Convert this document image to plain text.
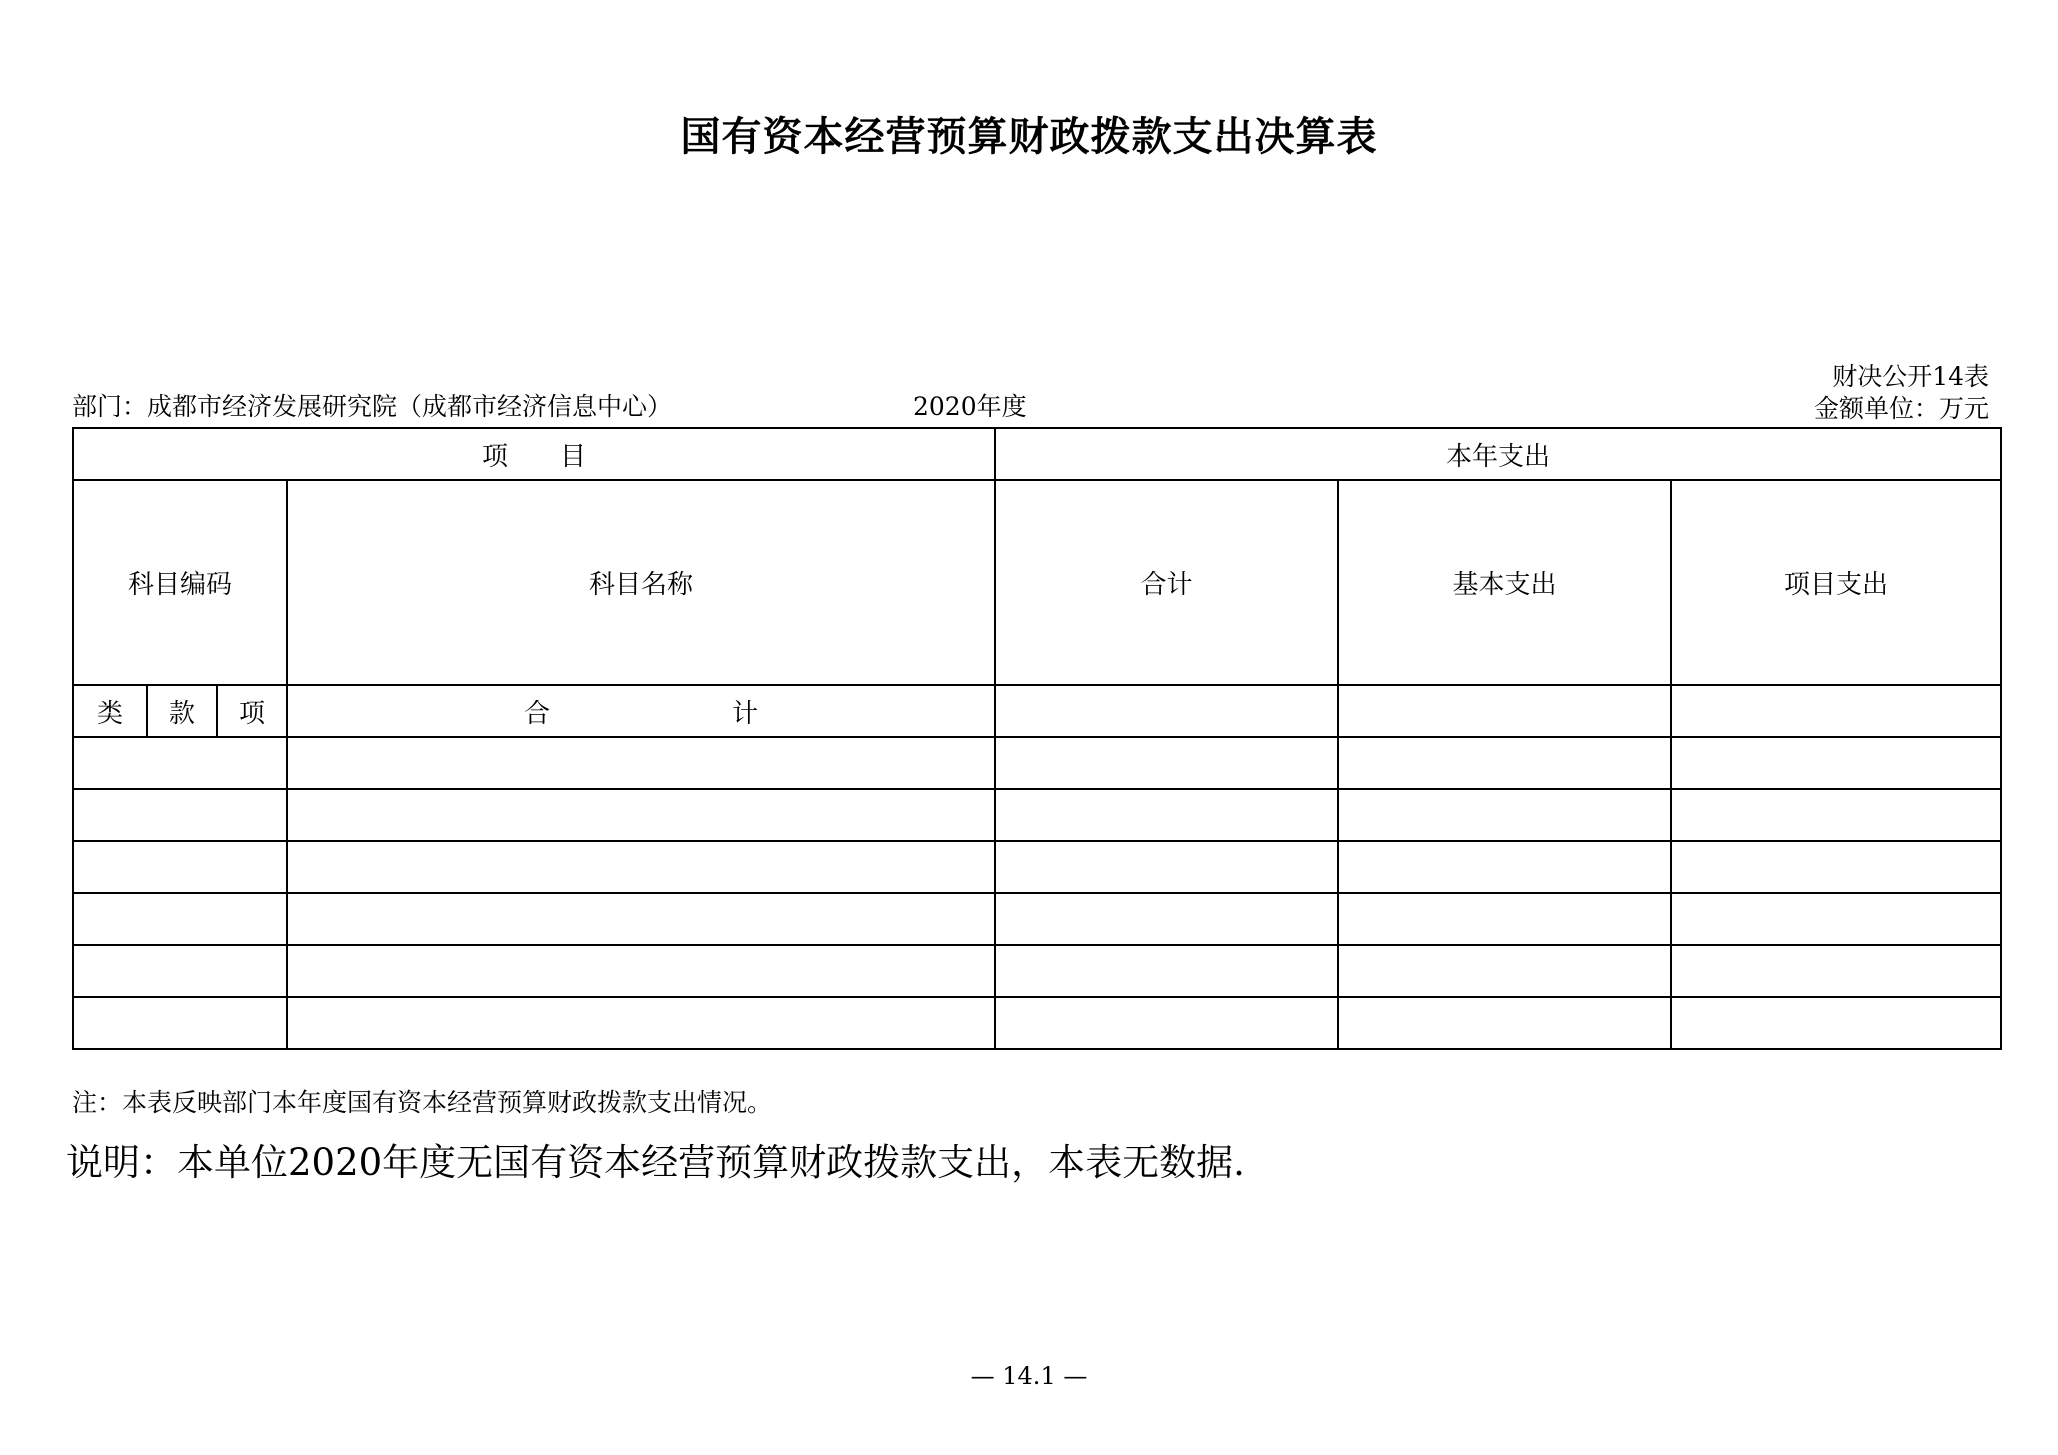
国有资本经营预算财政拨款支出决算表
部门：成都市经济发展研究院（成都市经济信息中心）	2020年度
财决公开14表
金额单位：万元
项　　目				本年支出		
科目编码			科目名称	合计	基本支出	项目支出
类	款	项	合　　　　　　　计			

注：本表反映部门本年度国有资本经营预算财政拨款支出情况。
说明：本单位2020年度无国有资本经营预算财政拨款支出，本表无数据.
— 14.1 —
